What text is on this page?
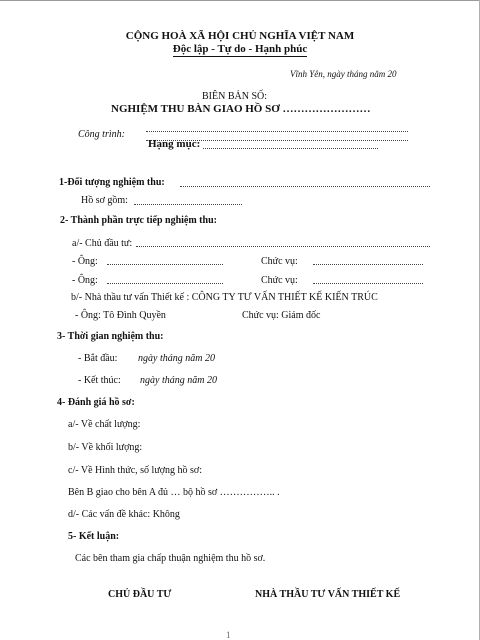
CỘNG HOÀ XÃ HỘI CHỦ NGHĨA VIỆT NAM
Độc lập - Tự do - Hạnh phúc
Vĩnh Yên, ngày tháng năm 20
BIÊN BẢN SỐ:
NGHIỆM THU BÀN GIAO HỒ SƠ ……………………
Công trình:
Hạng mục:
1-Đối tượng nghiệm thu:
Hồ sơ gồm:
2- Thành phần trực tiếp nghiệm thu:
a/- Chủ đầu tư:
- Ông:	Chức vụ:
- Ông:	Chức vụ:
b/- Nhà thầu tư vấn Thiết kế : CÔNG TY TƯ VẤN THIẾT KẾ KIẾN TRÚC
- Ông: Tô Đình Quyền	Chức vụ: Giám đốc
3- Thời gian nghiệm thu:
- Bắt đầu: ngày tháng năm 20
- Kết thúc: ngày tháng năm 20
4- Đánh giá hồ sơ:
a/- Về chất lượng:
b/- Về khối lượng:
c/- Về Hình thức, số lượng hồ sơ:
Bên B giao cho bên A đủ … bộ hồ sơ …………….. .
d/- Các vấn đề khác: Không
5- Kết luận:
Các bên tham gia chấp thuận nghiệm thu hồ sơ.
CHỦ ĐẦU TƯ	NHÀ THẦU TƯ VẤN THIẾT KẾ
1
